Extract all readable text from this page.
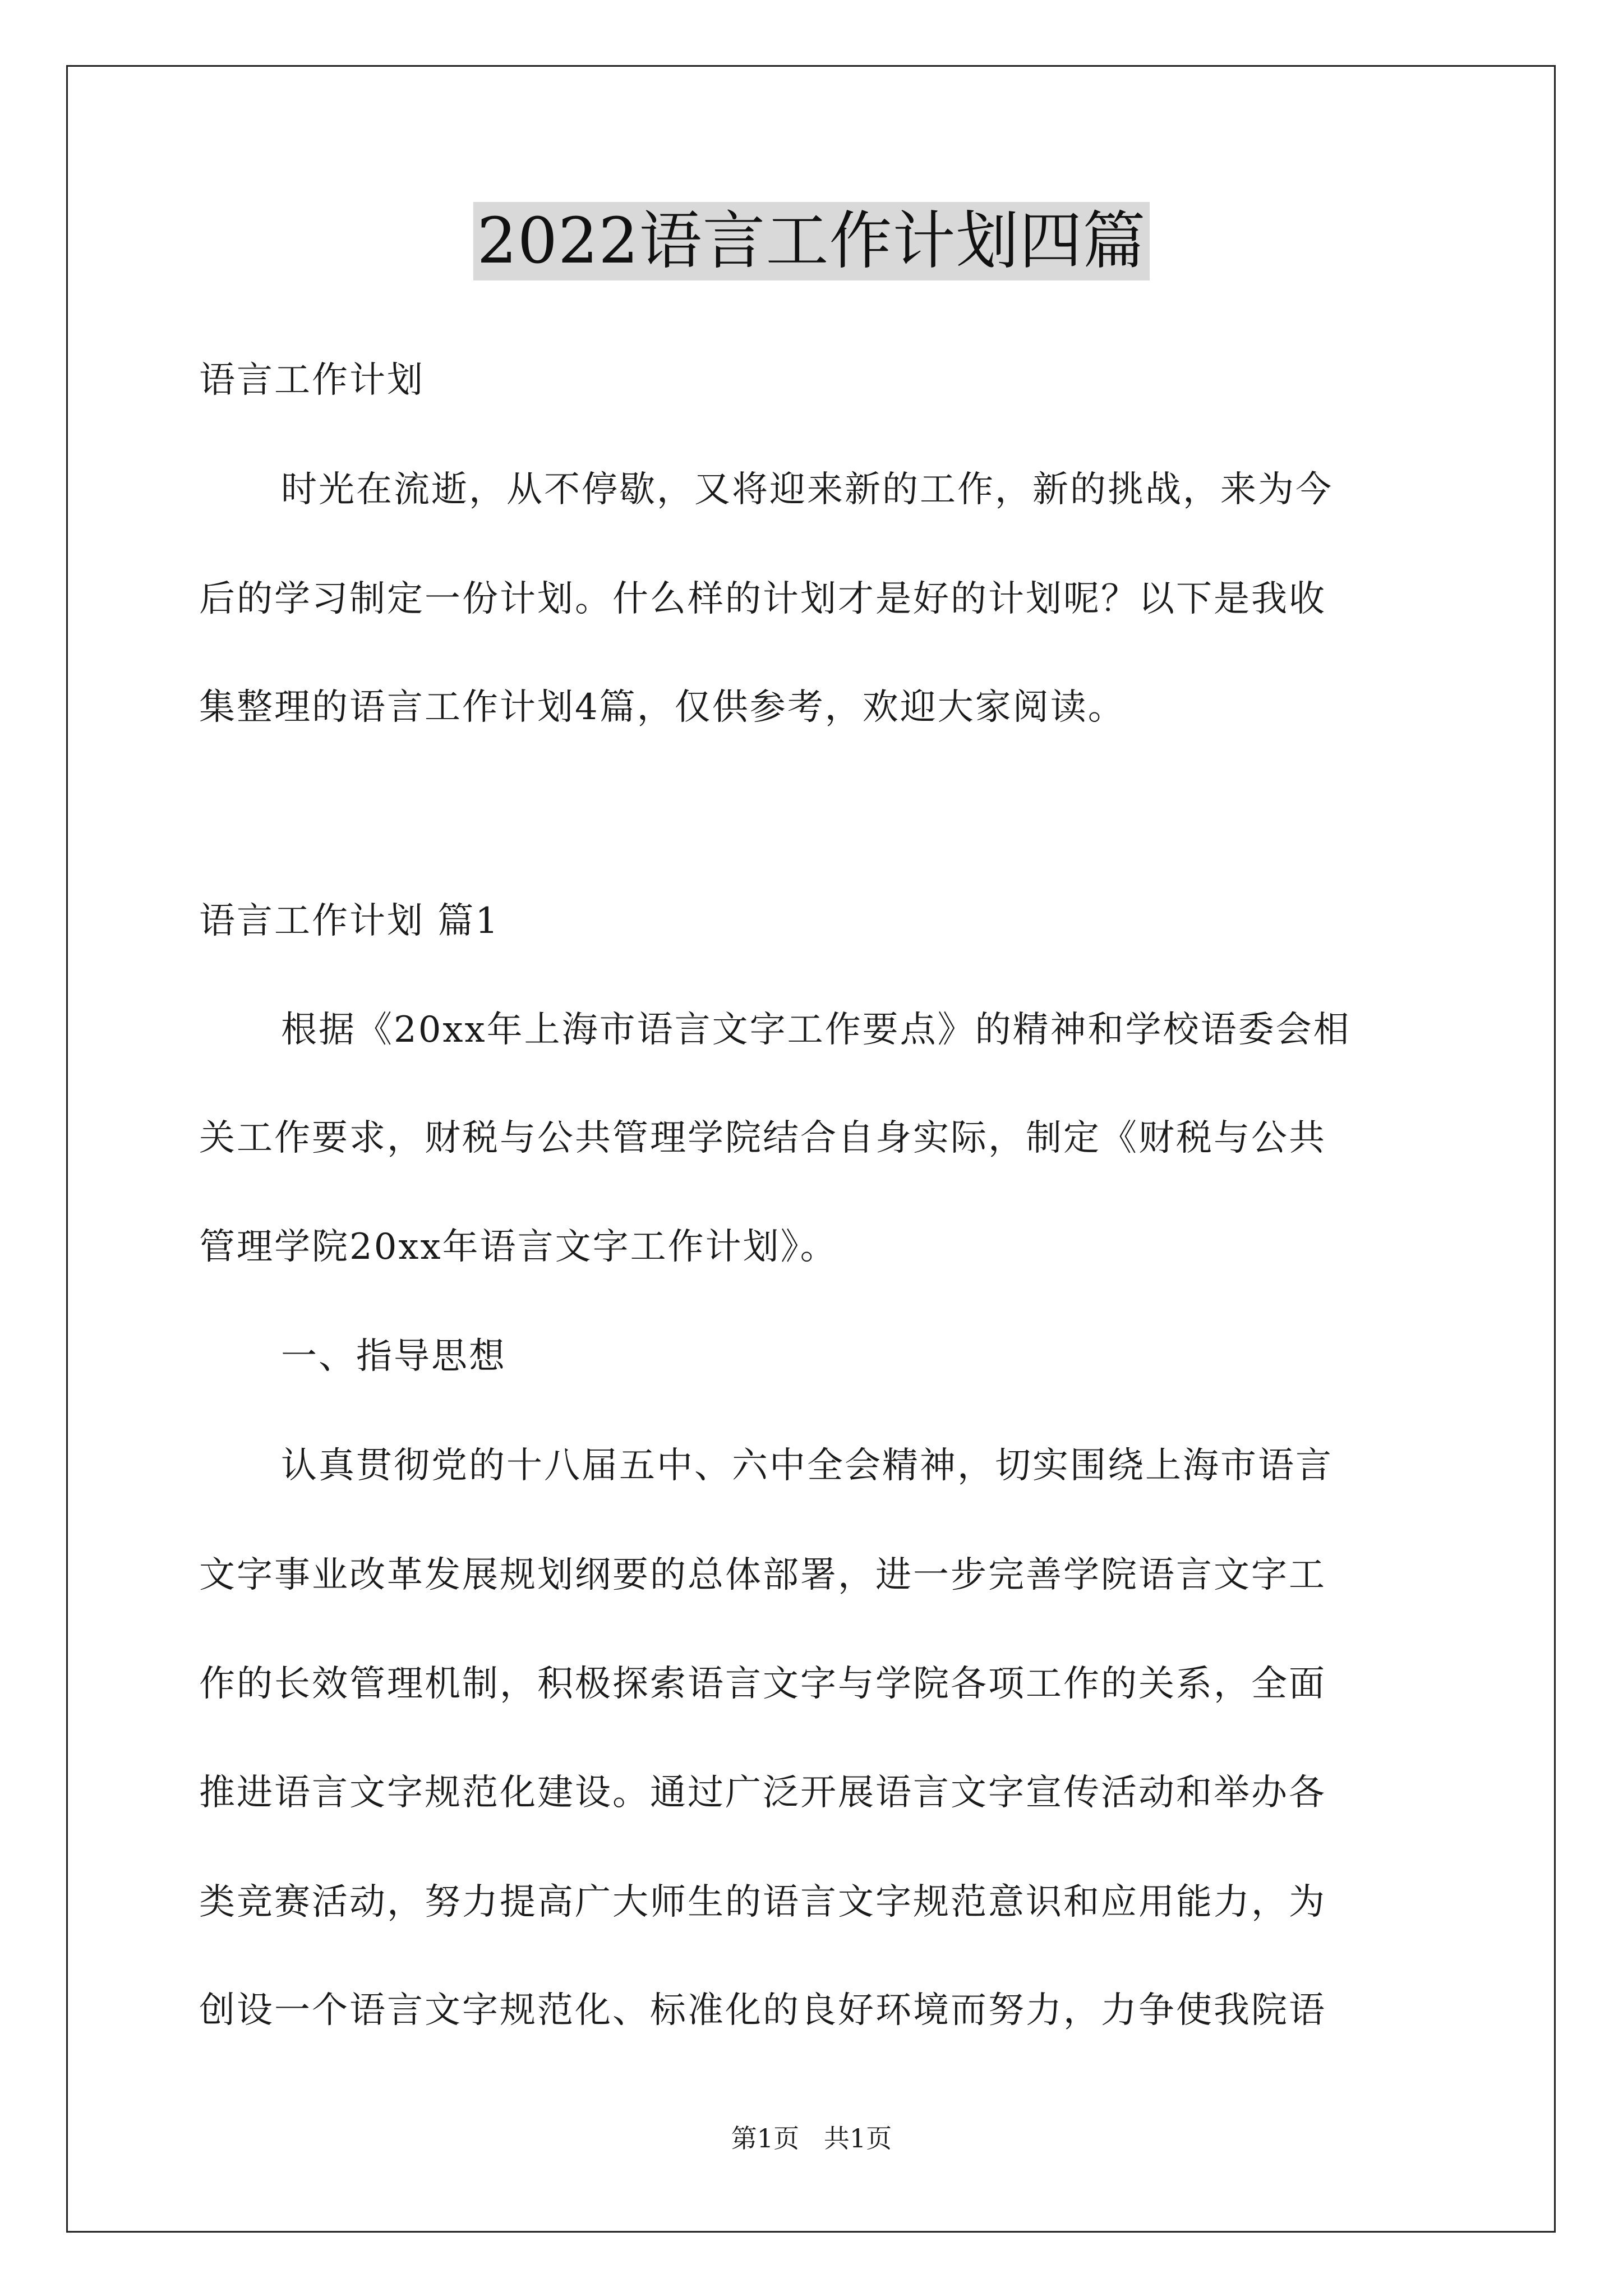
2022语言工作计划四篇
语言工作计划
时光在流逝，从不停歇，又将迎来新的工作，新的挑战，来为今
后的学习制定一份计划。什么样的计划才是好的计划呢？以下是我收
集整理的语言工作计划4篇，仅供参考，欢迎大家阅读。
语言工作计划 篇1
根据《20xx年上海市语言文字工作要点》的精神和学校语委会相
关工作要求，财税与公共管理学院结合自身实际，制定《财税与公共
管理学院20xx年语言文字工作计划》。
一、指导思想
认真贯彻党的十八届五中、六中全会精神，切实围绕上海市语言
文字事业改革发展规划纲要的总体部署，进一步完善学院语言文字工
作的长效管理机制，积极探索语言文字与学院各项工作的关系，全面
推进语言文字规范化建设。通过广泛开展语言文字宣传活动和举办各
类竞赛活动，努力提高广大师生的语言文字规范意识和应用能力，为
创设一个语言文字规范化、标准化的良好环境而努力，力争使我院语
第1页   共1页
